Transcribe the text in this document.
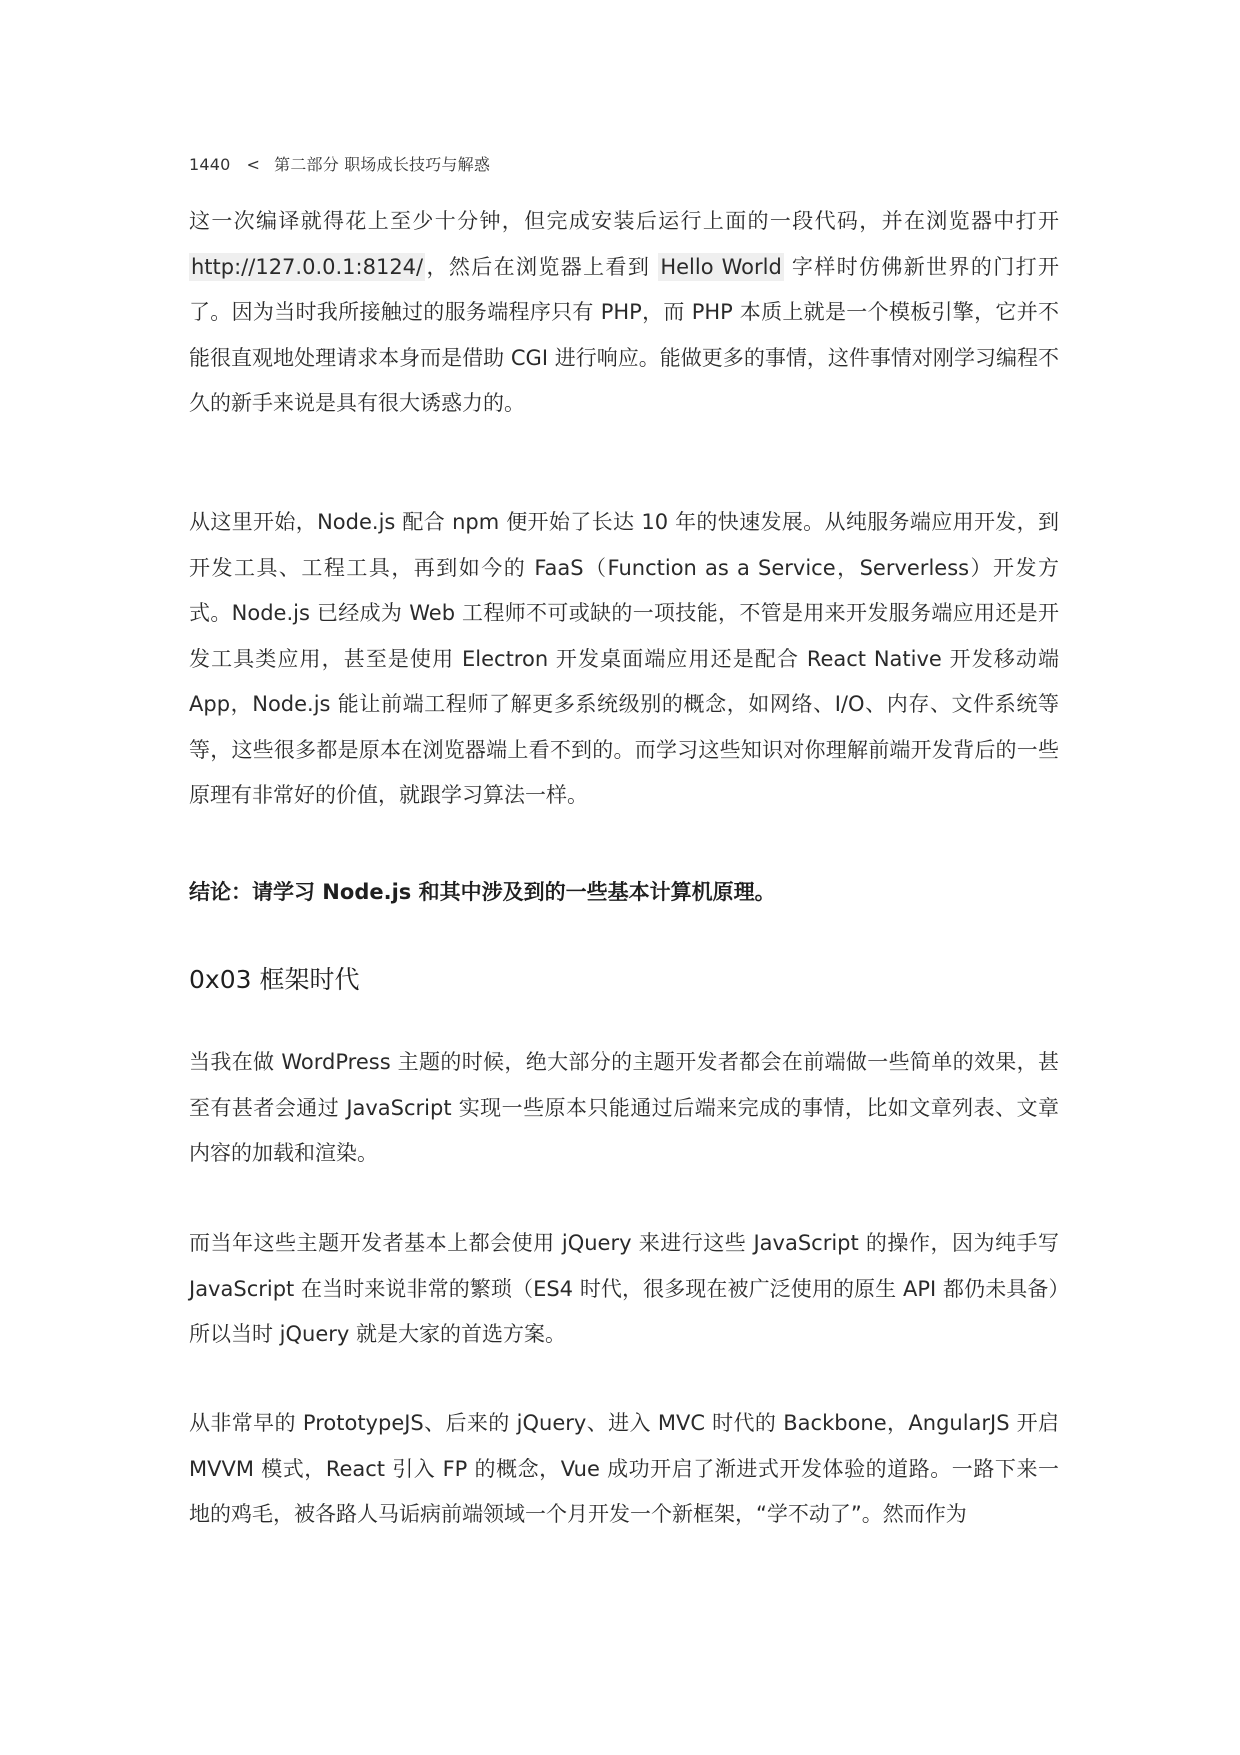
1440 < 第二部分 职场成长技巧与解惑

这一次编译就得花上至少十分钟，但完成安装后运行上面的一段代码，并在浏览器中打开http://127.0.0.1:8124/，然后在浏览器上看到 Hello World 字样时仿佛新世界的门打开了。因为当时我所接触过的服务端程序只有 PHP，而 PHP 本质上就是一个模板引擎，它并不能很直观地处理请求本身而是借助 CGI 进行响应。能做更多的事情，这件事情对刚学习编程不久的新手来说是具有很大诱惑力的。

从这里开始，Node.js 配合 npm 便开始了长达 10 年的快速发展。从纯服务端应用开发，到开发工具、工程工具，再到如今的 FaaS（Function as a Service，Serverless）开发方式。Node.js 已经成为 Web 工程师不可或缺的一项技能，不管是用来开发服务端应用还是开发工具类应用，甚至是使用 Electron 开发桌面端应用还是配合 React Native 开发移动端 App，Node.js 能让前端工程师了解更多系统级别的概念，如网络、I/O、内存、文件系统等等，这些很多都是原本在浏览器端上看不到的。而学习这些知识对你理解前端开发背后的一些原理有非常好的价值，就跟学习算法一样。

结论：请学习 Node.js 和其中涉及到的一些基本计算机原理。

0x03 框架时代

当我在做 WordPress 主题的时候，绝大部分的主题开发者都会在前端做一些简单的效果，甚至有甚者会通过 JavaScript 实现一些原本只能通过后端来完成的事情，比如文章列表、文章内容的加载和渲染。

而当年这些主题开发者基本上都会使用 jQuery 来进行这些 JavaScript 的操作，因为纯手写 JavaScript 在当时来说非常的繁琐（ES4 时代，很多现在被广泛使用的原生 API 都仍未具备）所以当时 jQuery 就是大家的首选方案。

从非常早的 PrototypeJS、后来的 jQuery、进入 MVC 时代的 Backbone，AngularJS 开启 MVVM 模式，React 引入 FP 的概念，Vue 成功开启了渐进式开发体验的道路。一路下来一地的鸡毛，被各路人马诟病前端领域一个月开发一个新框架，“学不动了”。然而作为
